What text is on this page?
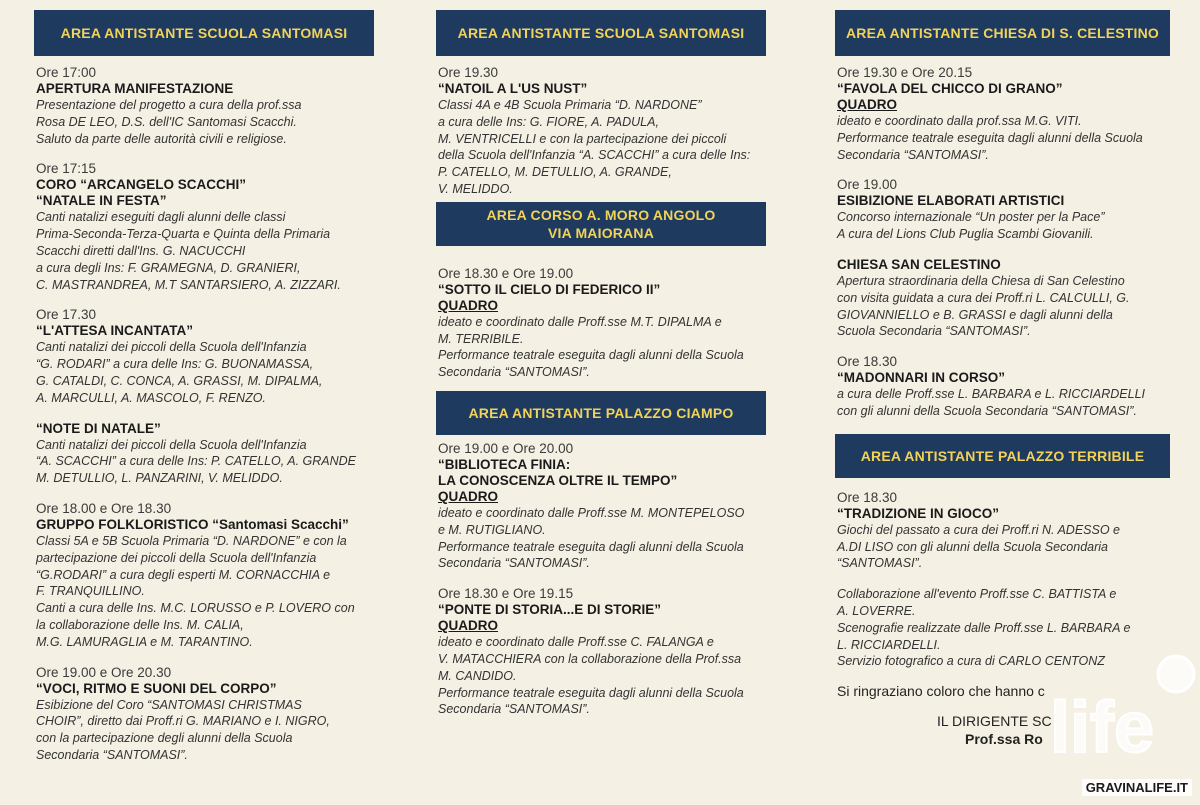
AREA ANTISTANTE SCUOLA SANTOMASI
Ore 17:00
APERTURA MANIFESTAZIONE
Presentazione del progetto a cura della prof.ssa
Rosa DE LEO, D.S. dell'IC Santomasi Scacchi.
Saluto da parte delle autorità civili e religiose.
Ore 17:15
CORO “ARCANGELO SCACCHI”
“NATALE IN FESTA”
Canti natalizi eseguiti dagli alunni delle classi
Prima-Seconda-Terza-Quarta e Quinta della Primaria
Scacchi diretti dall'Ins. G. NACUCCHI
a cura degli Ins: F. GRAMEGNA, D. GRANIERI,
C. MASTRANDREA, M.T SANTARSIERO, A. ZIZZARI.
Ore 17.30
“L'ATTESA INCANTATA”
Canti natalizi dei piccoli della Scuola dell'Infanzia
“G. RODARI” a cura delle Ins: G. BUONAMASSA,
G. CATALDI, C. CONCA, A. GRASSI, M. DIPALMA,
A. MARCULLI, A. MASCOLO, F. RENZO.
“NOTE DI NATALE”
Canti natalizi dei piccoli della Scuola dell'Infanzia
“A. SCACCHI” a cura delle Ins: P. CATELLO, A. GRANDE
M. DETULLIO, L. PANZARINI, V. MELIDDO.
Ore 18.00 e Ore 18.30
GRUPPO FOLKLORISTICO “Santomasi Scacchi”
Classi 5A e 5B Scuola Primaria “D. NARDONE” e con la
partecipazione dei piccoli della Scuola dell'Infanzia
“G.RODARI” a cura degli esperti M. CORNACCHIA e
F. TRANQUILLINO.
Canti a cura delle Ins. M.C. LORUSSO e P. LOVERO con
la collaborazione delle Ins. M. CALIA,
M.G. LAMURAGLIA e M. TARANTINO.
Ore 19.00 e Ore 20.30
“VOCI, RITMO E SUONI DEL CORPO”
Esibizione del Coro “SANTOMASI CHRISTMAS
CHOIR”, diretto dai Proff.ri G. MARIANO e I. NIGRO,
con la partecipazione degli alunni della Scuola
Secondaria “SANTOMASI”.
AREA ANTISTANTE SCUOLA SANTOMASI
Ore 19.30
“NATOIL A L'US NUST”
Classi 4A e 4B Scuola Primaria “D. NARDONE”
a cura delle Ins: G. FIORE, A. PADULA,
M. VENTRICELLI e con la partecipazione dei piccoli
della Scuola dell'Infanzia “A. SCACCHI” a cura delle Ins:
P. CATELLO, M. DETULLIO, A. GRANDE,
V. MELIDDO.
AREA CORSO A. MORO ANGOLO
VIA MAIORANA
Ore 18.30 e Ore 19.00
“SOTTO IL CIELO DI FEDERICO II”
QUADRO
ideato e coordinato dalle Proff.sse M.T. DIPALMA e
M. TERRIBILE.
Performance teatrale eseguita dagli alunni della Scuola
Secondaria “SANTOMASI”.
AREA ANTISTANTE PALAZZO CIAMPO
Ore 19.00 e Ore 20.00
“BIBLIOTECA FINIA:
LA CONOSCENZA OLTRE IL TEMPO”
QUADRO
ideato e coordinato dalle Proff.sse M. MONTEPELOSO
e M. RUTIGLIANO.
Performance teatrale eseguita dagli alunni della Scuola
Secondaria “SANTOMASI”.
Ore 18.30 e Ore 19.15
“PONTE DI STORIA...E DI STORIE”
QUADRO
ideato e coordinato dalle Proff.sse C. FALANGA e
V. MATACCHIERA con la collaborazione della Prof.ssa
M. CANDIDO.
Performance teatrale eseguita dagli alunni della Scuola
Secondaria “SANTOMASI”.
AREA ANTISTANTE CHIESA DI S. CELESTINO
Ore 19.30 e Ore 20.15
“FAVOLA DEL CHICCO DI GRANO”
QUADRO
ideato e coordinato dalla prof.ssa M.G. VITI.
Performance teatrale eseguita dagli alunni della Scuola
Secondaria “SANTOMASI”.
Ore 19.00
ESIBIZIONE ELABORATI ARTISTICI
Concorso internazionale “Un poster per la Pace”
A cura del Lions Club Puglia Scambi Giovanili.
CHIESA SAN CELESTINO
Apertura straordinaria della Chiesa di San Celestino
con visita guidata a cura dei Proff.ri L. CALCULLI, G.
GIOVANNIELLO e B. GRASSI e dagli alunni della
Scuola Secondaria “SANTOMASI”.
Ore 18.30
“MADONNARI IN CORSO”
a cura delle Proff.sse L. BARBARA e L. RICCIARDELLI
con gli alunni della Scuola Secondaria “SANTOMASI”.
AREA ANTISTANTE PALAZZO TERRIBILE
Ore 18.30
“TRADIZIONE IN GIOCO”
Giochi del passato a cura dei Proff.ri N. ADESSO e
A.DI LISO con gli alunni della Scuola Secondaria
“SANTOMASI”.
Collaborazione all'evento Proff.sse C. BATTISTA e
A. LOVERRE.
Scenografie realizzate dalle Proff.sse L. BARBARA e
L. RICCIARDELLI.
Servizio fotografico a cura di CARLO CENTONZ
Si ringraziano coloro che hanno c
IL DIRIGENTE SC
Prof.ssa Ro life
GRAVINALIFE.IT
